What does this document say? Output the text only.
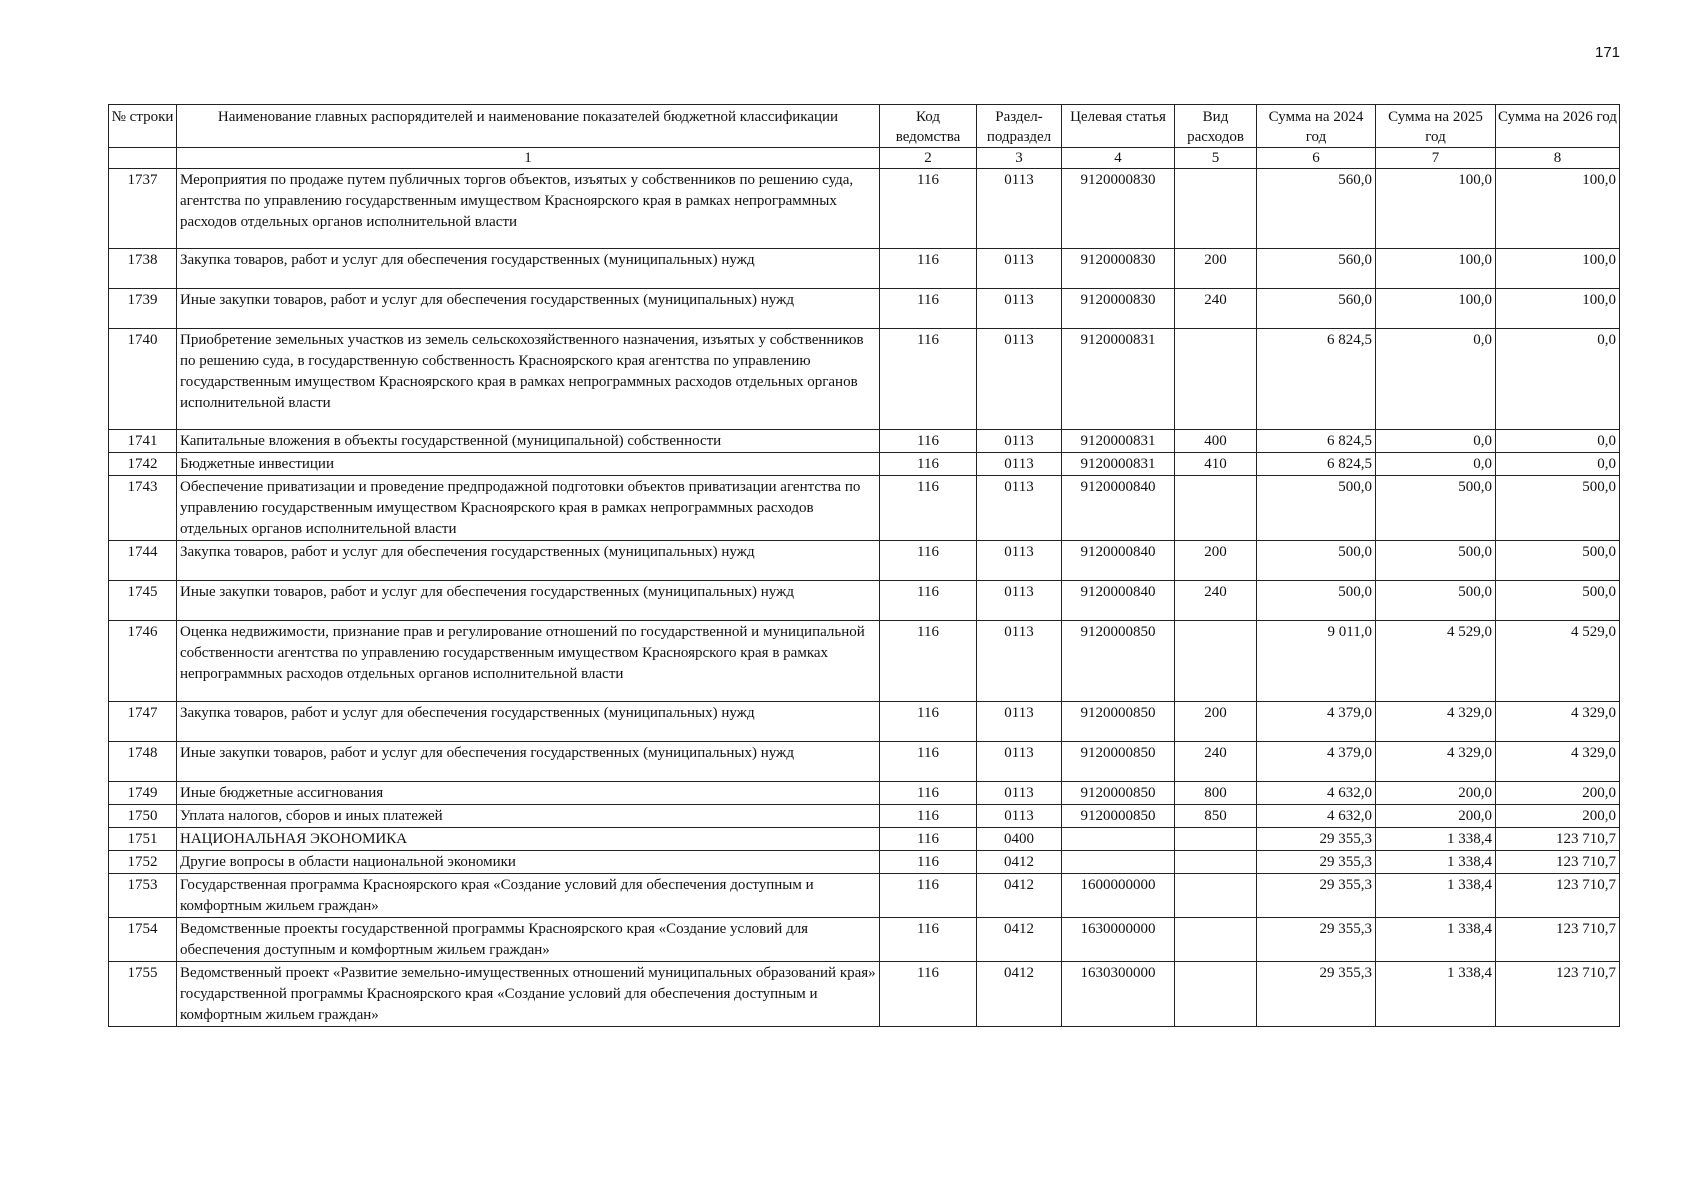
171
№ строки	Наименование главных распорядителей и наименование показателей бюджетной классификации	Код ведомства	Раздел-подраздел	Целевая статья	Вид расходов	Сумма на 2024 год	Сумма на 2025 год	Сумма на 2026 год
	1	2	3	4	5	6	7	8
1737	Мероприятия по продаже путем публичных торгов объектов, изъятых у собственников по решению суда, агентства по управлению государственным имуществом Красноярского края в рамках непрограммных расходов отдельных органов исполнительной власти	116	0113	9120000830		560,0	100,0	100,0
1738	Закупка товаров, работ и услуг для обеспечения государственных (муниципальных) нужд	116	0113	9120000830	200	560,0	100,0	100,0
1739	Иные закупки товаров, работ и услуг для обеспечения государственных (муниципальных) нужд	116	0113	9120000830	240	560,0	100,0	100,0
1740	Приобретение земельных участков из земель сельскохозяйственного назначения, изъятых у собственников по решению суда, в государственную собственность Красноярского края агентства по управлению государственным имуществом Красноярского края в рамках непрограммных расходов отдельных органов исполнительной власти	116	0113	9120000831		6 824,5	0,0	0,0
1741	Капитальные вложения в объекты государственной (муниципальной) собственности	116	0113	9120000831	400	6 824,5	0,0	0,0
1742	Бюджетные инвестиции	116	0113	9120000831	410	6 824,5	0,0	0,0
1743	Обеспечение приватизации и проведение предпродажной подготовки объектов приватизации агентства по управлению государственным имуществом Красноярского края в рамках непрограммных расходов отдельных органов исполнительной власти	116	0113	9120000840		500,0	500,0	500,0
1744	Закупка товаров, работ и услуг для обеспечения государственных (муниципальных) нужд	116	0113	9120000840	200	500,0	500,0	500,0
1745	Иные закупки товаров, работ и услуг для обеспечения государственных (муниципальных) нужд	116	0113	9120000840	240	500,0	500,0	500,0
1746	Оценка недвижимости, признание прав и регулирование отношений по государственной и муниципальной собственности агентства по управлению государственным имуществом Красноярского края в рамках непрограммных расходов отдельных органов исполнительной власти	116	0113	9120000850		9 011,0	4 529,0	4 529,0
1747	Закупка товаров, работ и услуг для обеспечения государственных (муниципальных) нужд	116	0113	9120000850	200	4 379,0	4 329,0	4 329,0
1748	Иные закупки товаров, работ и услуг для обеспечения государственных (муниципальных) нужд	116	0113	9120000850	240	4 379,0	4 329,0	4 329,0
1749	Иные бюджетные ассигнования	116	0113	9120000850	800	4 632,0	200,0	200,0
1750	Уплата налогов, сборов и иных платежей	116	0113	9120000850	850	4 632,0	200,0	200,0
1751	НАЦИОНАЛЬНАЯ ЭКОНОМИКА	116	0400			29 355,3	1 338,4	123 710,7
1752	Другие вопросы в области национальной экономики	116	0412			29 355,3	1 338,4	123 710,7
1753	Государственная программа Красноярского края «Создание условий для обеспечения доступным и комфортным жильем граждан»	116	0412	1600000000		29 355,3	1 338,4	123 710,7
1754	Ведомственные проекты государственной программы Красноярского края «Создание условий для обеспечения доступным и комфортным жильем граждан»	116	0412	1630000000		29 355,3	1 338,4	123 710,7
1755	Ведомственный проект «Развитие земельно-имущественных отношений муниципальных образований края» государственной программы Красноярского края «Создание условий для обеспечения доступным и комфортным жильем граждан»	116	0412	1630300000		29 355,3	1 338,4	123 710,7
